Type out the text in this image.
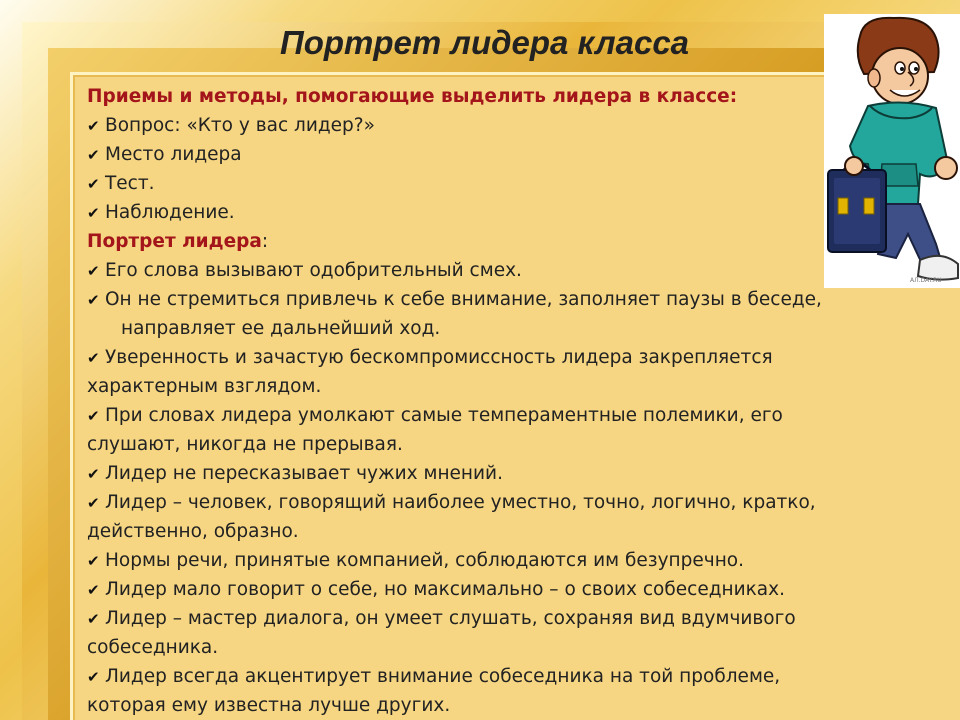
Портрет лидера класса
Приемы и методы, помогающие выделить лидера в классе:
✔ Вопрос: «Кто у вас лидер?»
✔ Место лидера
✔ Тест.
✔ Наблюдение.
Портрет лидера:
✔ Его слова вызывают одобрительный смех.
✔ Он не стремиться привлечь к себе внимание, заполняет паузы в беседе,
направляет ее дальнейший ход.
✔ Уверенность и зачастую бескомпромиссность лидера закрепляется
характерным взглядом.
✔ При словах лидера умолкают самые темпераментные полемики, его
слушают, никогда не прерывая.
✔ Лидер не пересказывает чужих мнений.
✔ Лидер – человек, говорящий наиболее уместно, точно, логично, кратко,
действенно, образно.
✔ Нормы речи, принятые компанией, соблюдаются им безупречно.
✔ Лидер мало говорит о себе, но максимально – о своих собеседниках.
✔ Лидер – мастер диалога, он умеет слушать, сохраняя вид вдумчивого
собеседника.
✔ Лидер всегда акцентирует внимание собеседника на той проблеме,
которая ему известна лучше других.
АЛ.DAY.RU
